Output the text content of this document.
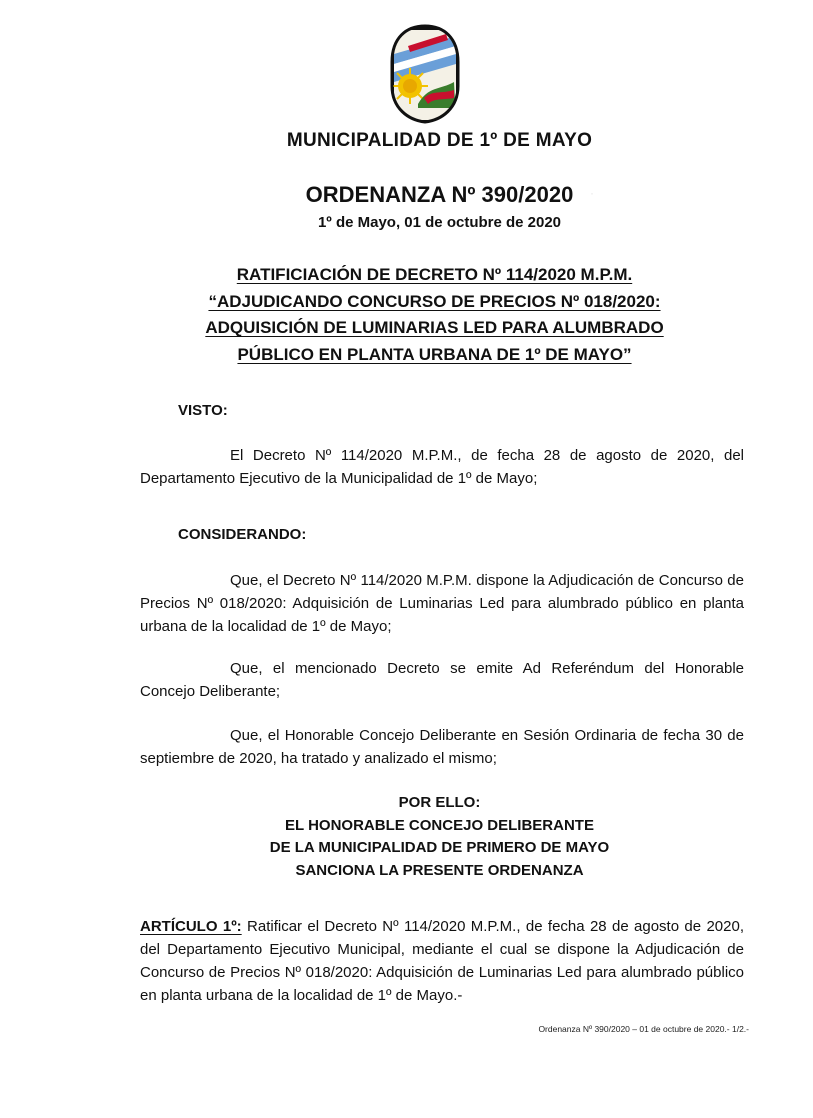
MUNICIPALIDAD DE 1º DE MAYO
·
ORDENANZA Nº 390/2020
1º de Mayo, 01 de octubre de 2020
RATIFICIACIÓN DE DECRETO Nº 114/2020 M.P.M.
“ADJUDICANDO CONCURSO DE PRECIOS Nº 018/2020:
ADQUISICIÓN DE LUMINARIAS LED PARA ALUMBRADO
PÚBLICO EN PLANTA URBANA DE 1º DE MAYO”
VISTO:

El Decreto Nº 114/2020 M.P.M., de fecha 28 de agosto de 2020, del Departamento Ejecutivo de la Municipalidad de 1º de Mayo;

CONSIDERANDO:

Que, el Decreto Nº 114/2020 M.P.M. dispone la Adjudicación de Concurso de Precios Nº 018/2020: Adquisición de Luminarias Led para alumbrado público en planta urbana de la localidad de 1º de Mayo;

Que, el mencionado Decreto se emite Ad Referéndum del Honorable Concejo Deliberante;

Que, el Honorable Concejo Deliberante en Sesión Ordinaria de fecha 30 de septiembre de 2020, ha tratado y analizado el mismo;

POR ELLO:
EL HONORABLE CONCEJO DELIBERANTE
DE LA MUNICIPALIDAD DE PRIMERO DE MAYO
SANCIONA LA PRESENTE ORDENANZA
ARTÍCULO 1º: Ratificar el Decreto Nº 114/2020 M.P.M., de fecha 28 de agosto de 2020, del Departamento Ejecutivo Municipal, mediante el cual se dispone la Adjudicación de Concurso de Precios Nº 018/2020: Adquisición de Luminarias Led para alumbrado público en planta urbana de la localidad de 1º de Mayo.-
Ordenanza Nº 390/2020 – 01 de octubre de 2020.- 1/2.-
